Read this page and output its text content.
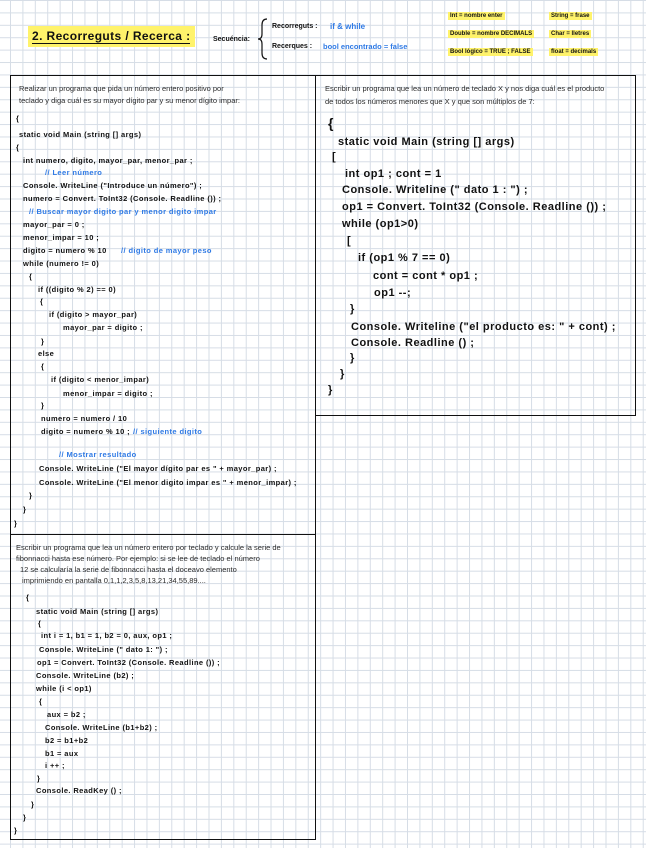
2. Recorreguts / Recerca :	Secuéncia:
Recorreguts : if & while
Recerques : bool encontrado = false
Int = nombre enter	String = frase
Double = nombre DECIMALS	Char = lletres
Bool lógico = TRUE ; FALSE	float = decimals
Realizar un programa que pida un número entero positivo por
teclado y diga cuál es su mayor dígito par y su menor dígito impar:
{
static void Main (string [] args)
{
int numero, digito, mayor_par, menor_par ;
// Leer número
Console. WriteLine ("Introduce un número") ;
numero = Convert. ToInt32 (Console. Readline ()) ;
// Buscar mayor digito par y menor digito impar
mayor_par = 0 ;
menor_impar = 10 ;
digito = numero % 10 // digito de mayor peso
while (numero != 0)
{
if ((digito % 2) == 0)
{
if (digito > mayor_par)
mayor_par = digito ;
}
else
{
if (digito < menor_impar)
menor_impar = digito ;
}
numero = numero / 10
digito = numero % 10 ; // siguiente digito
// Mostrar resultado
Console. WriteLine ("El mayor dígito par es " + mayor_par) ;
Console. WriteLine ("El menor digito impar es " + menor_impar) ;
}
}
}
Escribir un programa que lea un número de teclado X y nos diga cuál es el producto
de todos los números menores que X y que son múltiplos de 7:
{
static void Main (string [] args)
[
int op1 ; cont = 1
Console. Writeline (" dato 1 : ") ;
op1 = Convert. ToInt32 (Console. Readline ()) ;
while (op1>0)
[
if (op1 % 7 == 0)
cont = cont * op1 ;
op1 --;
}
Console. Writeline ("el producto es: " + cont) ;
Console. Readline () ;
}
}
}
Escribir un programa que lea un número entero por teclado y calcule la serie de
fibonnacci hasta ese número. Por ejemplo: si se lee de teclado el número
12 se calcularía la serie de fibonnacci hasta el doceavo elemento
imprimiendo en pantalla 0,1,1,2,3,5,8,13,21,34,55,89....
{
static void Main (string [] args)
{
int i = 1, b1 = 1, b2 = 0, aux, op1 ;
Console. WriteLine (" dato 1: ") ;
op1 = Convert. ToInt32 (Console. Readline ()) ;
Console. WriteLine (b2) ;
while (i < op1)
{
aux = b2 ;
Console. WriteLine (b1+b2) ;
b2 = b1+b2
b1 = aux
i ++ ;
}
Console. ReadKey () ;
}
}
}
